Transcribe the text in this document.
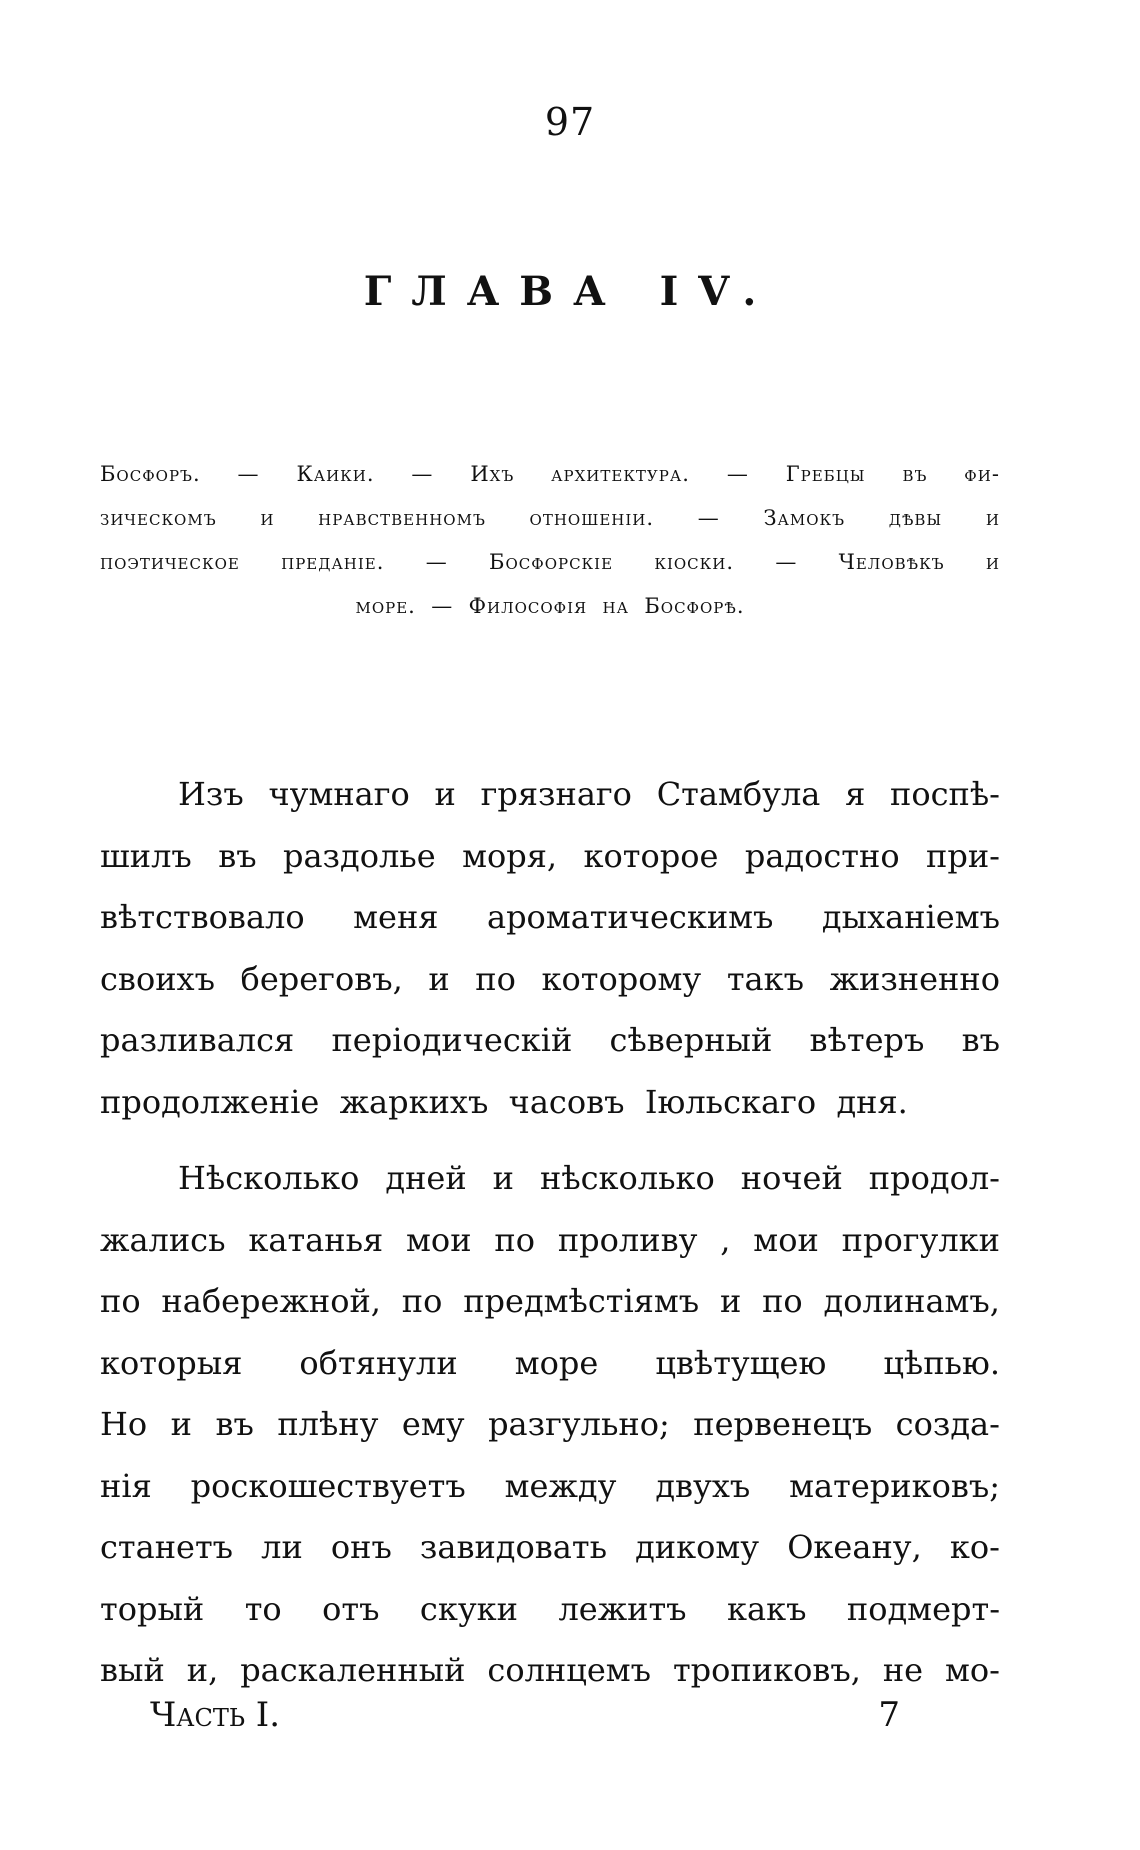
97
ГЛАВА IV.
Босфоръ. — Каики. — Ихъ архитектура. — Гребцы въ фи-
зическомъ и нравственномъ отношеніи. — Замокъ дѣвы и
поэтическое преданіе. — Босфорскіе кіоски. — Человѣкъ и
море.
—
Философія
на
Босфорѣ.
Изъ чумнаго и грязнаго Стамбула я поспѣ-
шилъ въ раздолье моря, которое радостно при-
вѣтствовало меня ароматическимъ дыханіемъ
своихъ береговъ, и по которому такъ жизненно
разливался періодическій сѣверный вѣтеръ въ
продолженіе
жаркихъ
часовъ
Іюльскаго
дня.
Нѣсколько дней и нѣсколько ночей продол-
жались катанья мои по проливу , мои прогулки
по набережной, по предмѣстіямъ и по долинамъ,
которыя обтянули море цвѣтущею цѣпью.
Но и въ плѣну ему разгульно; первенецъ созда-
нія роскошествуетъ между двухъ материковъ;
станетъ ли онъ завидовать дикому Океану, ко-
торый то отъ скуки лежитъ какъ подмерт-
вый и, раскаленный солнцемъ тропиковъ, не мо-
Часть I.	7
